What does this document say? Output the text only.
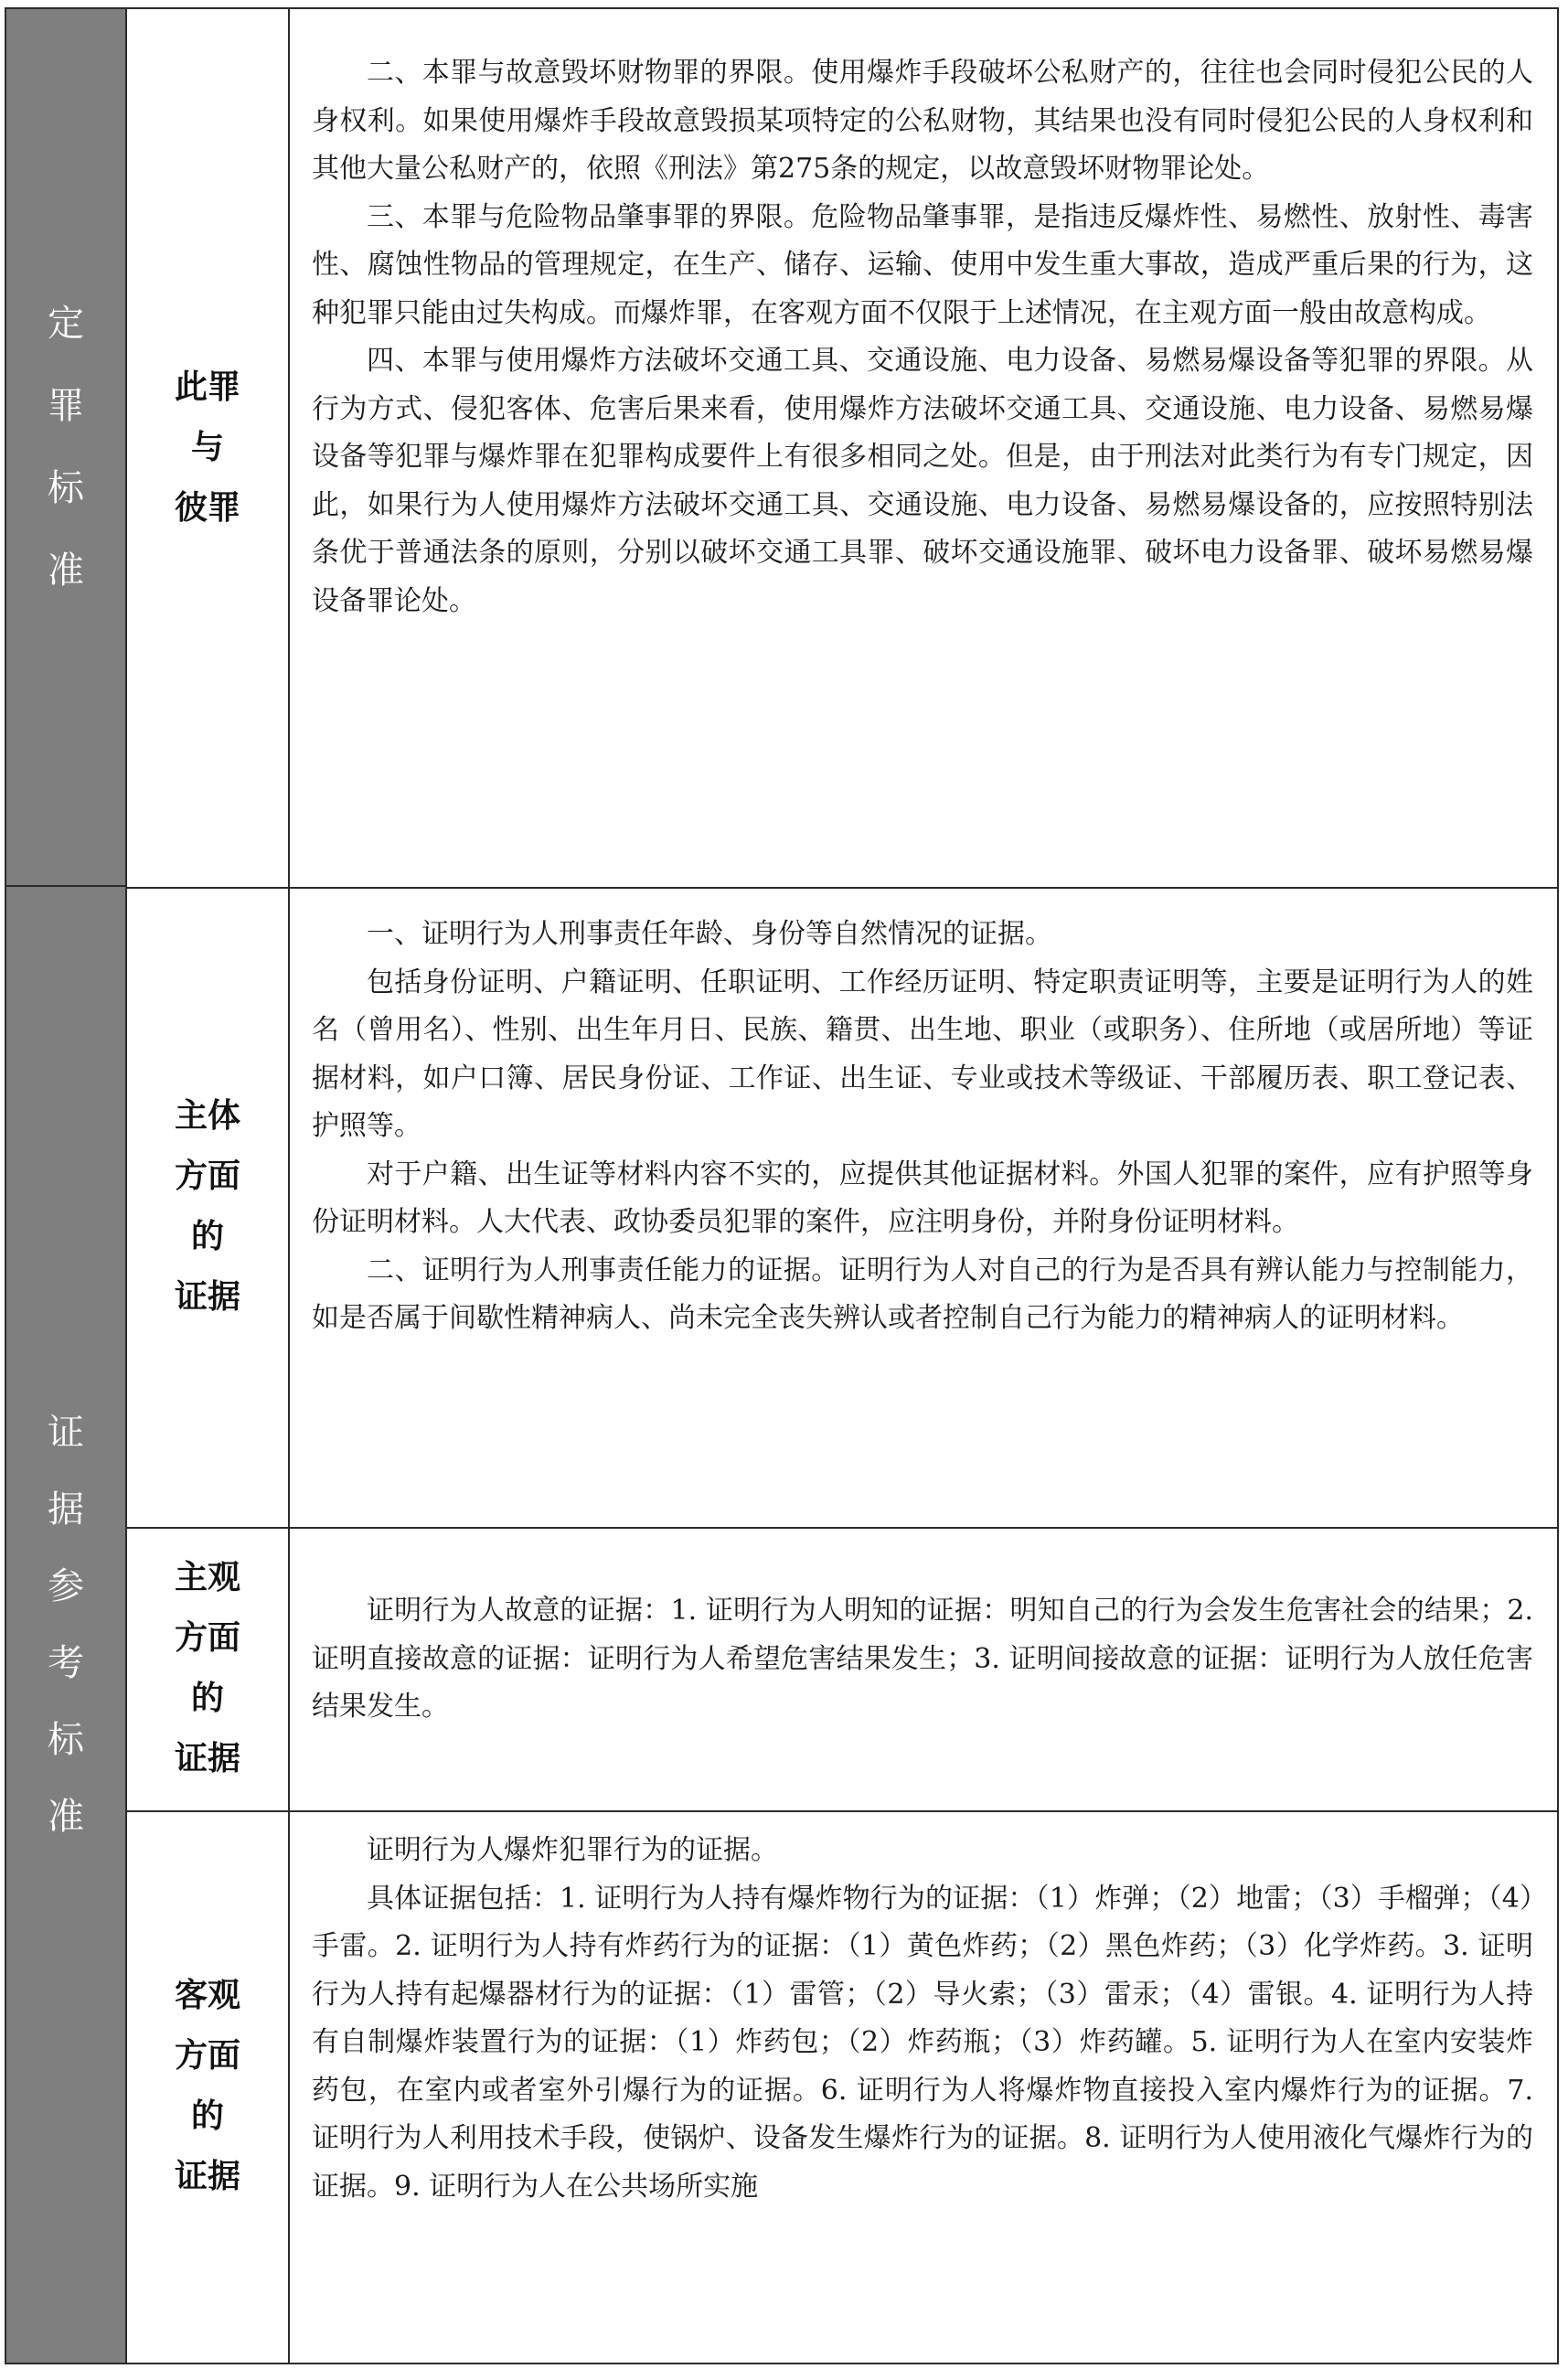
定
罪
标
准
证
据
参
考
标
准
此罪
与
彼罪

二、本罪与故意毁坏财物罪的界限。使用爆炸手段破坏公私财产的，往往也会同时侵犯公民的人身权利。如果使用爆炸手段故意毁损某项特定的公私财物，其结果也没有同时侵犯公民的人身权利和其他大量公私财产的，依照《刑法》第275条的规定，以故意毁坏财物罪论处。

三、本罪与危险物品肇事罪的界限。危险物品肇事罪，是指违反爆炸性、易燃性、放射性、毒害性、腐蚀性物品的管理规定，在生产、储存、运输、使用中发生重大事故，造成严重后果的行为，这种犯罪只能由过失构成。而爆炸罪，在客观方面不仅限于上述情况，在主观方面一般由故意构成。

四、本罪与使用爆炸方法破坏交通工具、交通设施、电力设备、易燃易爆设备等犯罪的界限。从行为方式、侵犯客体、危害后果来看，使用爆炸方法破坏交通工具、交通设施、电力设备、易燃易爆设备等犯罪与爆炸罪在犯罪构成要件上有很多相同之处。但是，由于刑法对此类行为有专门规定，因此，如果行为人使用爆炸方法破坏交通工具、交通设施、电力设备、易燃易爆设备的，应按照特别法条优于普通法条的原则，分别以破坏交通工具罪、破坏交通设施罪、破坏电力设备罪、破坏易燃易爆设备罪论处。

主体
方面
的
证据

一、证明行为人刑事责任年龄、身份等自然情况的证据。

包括身份证明、户籍证明、任职证明、工作经历证明、特定职责证明等，主要是证明行为人的姓名（曾用名）、性别、出生年月日、民族、籍贯、出生地、职业（或职务）、住所地（或居所地）等证据材料，如户口簿、居民身份证、工作证、出生证、专业或技术等级证、干部履历表、职工登记表、护照等。

对于户籍、出生证等材料内容不实的，应提供其他证据材料。外国人犯罪的案件，应有护照等身份证明材料。人大代表、政协委员犯罪的案件，应注明身份，并附身份证明材料。

二、证明行为人刑事责任能力的证据。证明行为人对自己的行为是否具有辨认能力与控制能力，如是否属于间歇性精神病人、尚未完全丧失辨认或者控制自己行为能力的精神病人的证明材料。

主观
方面
的
证据

证明行为人故意的证据：1. 证明行为人明知的证据：明知自己的行为会发生危害社会的结果；2. 证明直接故意的证据：证明行为人希望危害结果发生；3. 证明间接故意的证据：证明行为人放任危害结果发生。

客观
方面
的
证据

证明行为人爆炸犯罪行为的证据。

具体证据包括：1. 证明行为人持有爆炸物行为的证据：（1）炸弹；（2）地雷；（3）手榴弹；（4）手雷。2. 证明行为人持有炸药行为的证据：（1）黄色炸药；（2）黑色炸药；（3）化学炸药。3. 证明行为人持有起爆器材行为的证据：（1）雷管；（2）导火索；（3）雷汞；（4）雷银。4. 证明行为人持有自制爆炸装置行为的证据：（1）炸药包；（2）炸药瓶；（3）炸药罐。5. 证明行为人在室内安装炸药包，在室内或者室外引爆行为的证据。6. 证明行为人将爆炸物直接投入室内爆炸行为的证据。7. 证明行为人利用技术手段，使锅炉、设备发生爆炸行为的证据。8. 证明行为人使用液化气爆炸行为的证据。9. 证明行为人在公共场所实施
